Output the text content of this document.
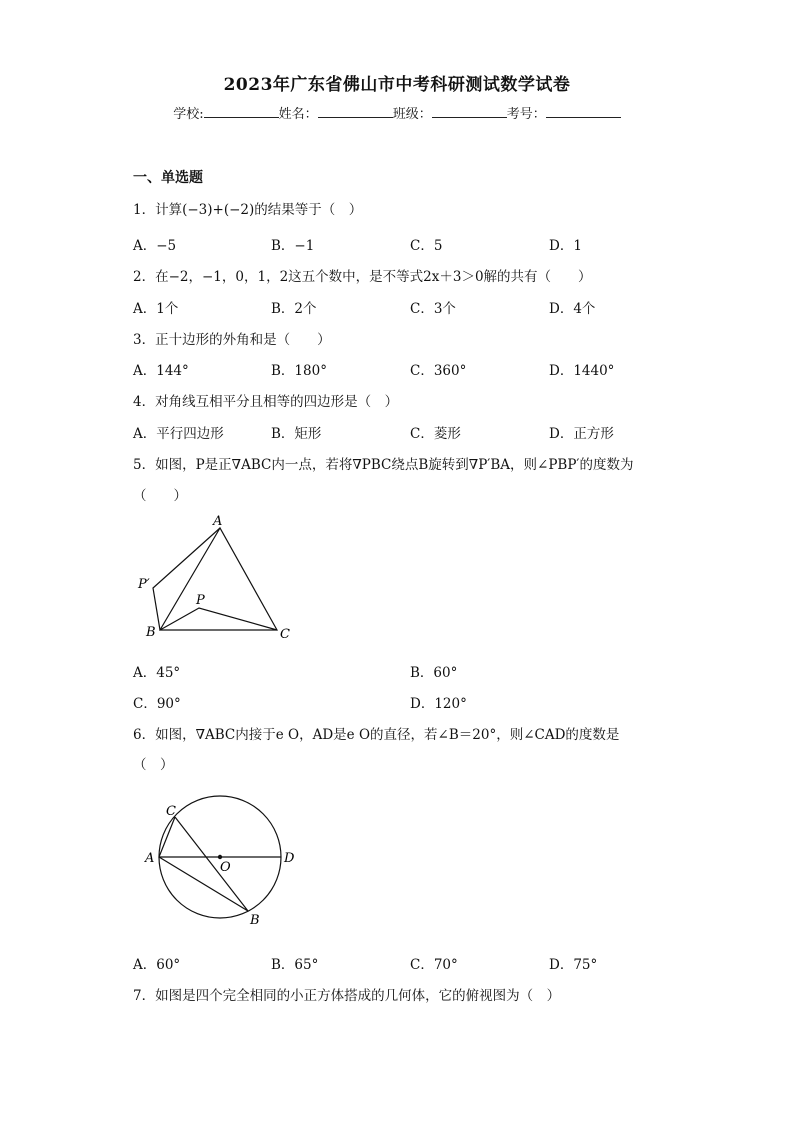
2023年广东省佛山市中考科研测试数学试卷
学校:	姓名：	班级：	考号：
一、单选题
1．计算(−3)+(−2)的结果等于（　）
A．−5	B．−1	C．5	D．1
2．在−2，−1，0，1，2这五个数中，是不等式2x＋3＞0解的共有（　　）
A．1个	B．2个	C．3个	D．4个
3．正十边形的外角和是（　　）
A．144°	B．180°	C．360°	D．1440°
4．对角线互相平分且相等的四边形是（　）
A．平行四边形	B．矩形	C．菱形	D．正方形
5．如图，P是正∇ABC内一点，若将∇PBC绕点B旋转到∇P′BA，则∠PBP′的度数为
（　　）
A
P′
P
B	C
A．45°	B．60°
C．90°	D．120°
6．如图，∇ABC内接于e O，AD是e O的直径，若∠B＝20°，则∠CAD的度数是
（　）
C
A
O
D
B
A．60°	B．65°	C．70°	D．75°
7．如图是四个完全相同的小正方体搭成的几何体，它的俯视图为（　）
